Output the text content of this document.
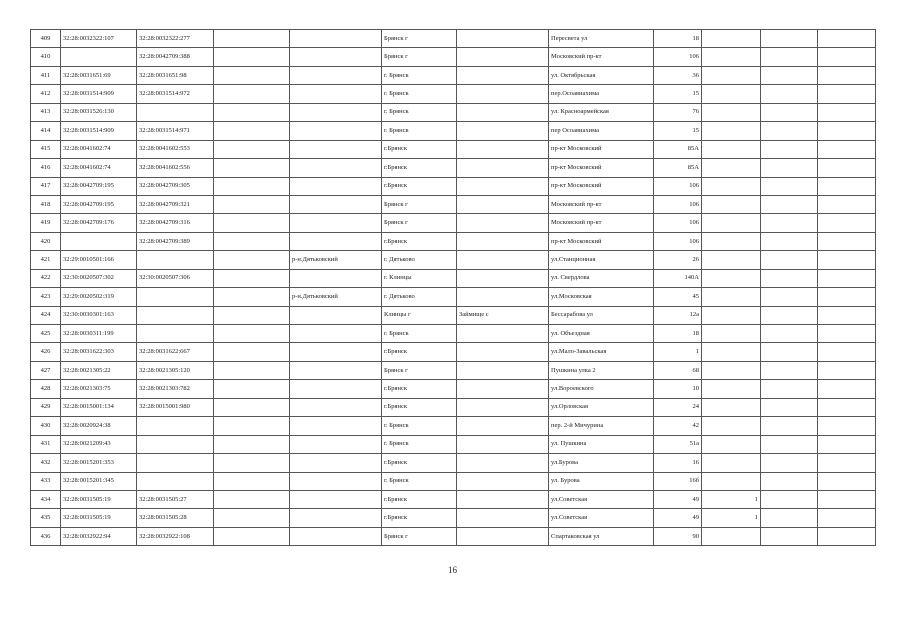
409	32:28:0032322:107	32:28:0032322:277			Брянск г		Пересвета ул	18			
410		32:28:0042709:388			Брянск г		Московский пр-кт	106			
411	32:28:0031651:69	32:28:0031651:98			г. Брянск		ул. Октябрьская	36			
412	32:28:0031514:909	32:28:0031514:972			г. Брянск		пер.Осоавиахима	15			
413	32:28:0031526:130				г. Брянск		ул. Красноармейская	76			
414	32:28:0031514:909	32:28:0031514:971			г. Брянск		пер Осоавиахима	15			
415	32:28:0041602:74	32:28:0041602:553			г.Брянск		пр-кт Московский	85А			
416	32:28:0041602:74	32:28:0041602:556			г.Брянск		пр-кт Московский	85А			
417	32:28:0042709:195	32:28:0042709:305			г.Брянск		пр-кт Московский	106			
418	32:28:0042709:195	32:28:0042709:321			Брянск г		Московский пр-кт	106			
419	32:28:0042709:176	32:28:0042709:316			Брянск г		Московский пр-кт	106			
420		32:28:0042709:389			г.Брянск		пр-кт Московский	106			
421	32:29:0010501:166			р-н.Дятьковский	г. Дятьково		ул.Станционная	26			
422	32:30:0020507:302	32:30:0020507:306			г. Клинцы		ул. Свердлова	140А			
423	32:29:0020502:319			р-н.Дятьковский	г. Дятьково		ул.Московская	45			
424	32:30:0030301:163				Клинцы г	Займище с	Бессарабова ул	12а			
425	32:28:0030311:199				г. Брянск		ул. Объездная	18			
426	32:28:0031622:303	32:28:0031622:667			г.Брянск		ул.Мало-Завальская	1			
427	32:28:0021305:22	32:28:0021305:120			Брянск г		Пушкина улка 2	68			
428	32:28:0021303:75	32:28:0021303:782			г.Брянск		ул.Вороевского	10			
429	32:28:0015001:134	32:28:0015001:980			г.Брянск		ул.Орловская	24			
430	32:28:0020924:38				г. Брянск		пер. 2-й Мичурина	42			
431	32:28:0021209:43				г. Брянск		ул. Пушкина	51а			
432	32:28:0015201:353				г.Брянск		ул.Бурова	16			
433	32:28:0015201:345				г. Брянск		ул. Бурова	16б			
434	32:28:0031505:19	32:28:0031505:27			г.Брянск		ул.Советская	49	1		
435	32:28:0031505:19	32:28:0031505:28			г.Брянск		ул.Советская	49	1		
436	32:28:0032922:94	32:28:0032922:108			Брянск г		Спартаковская ул	90			
16
